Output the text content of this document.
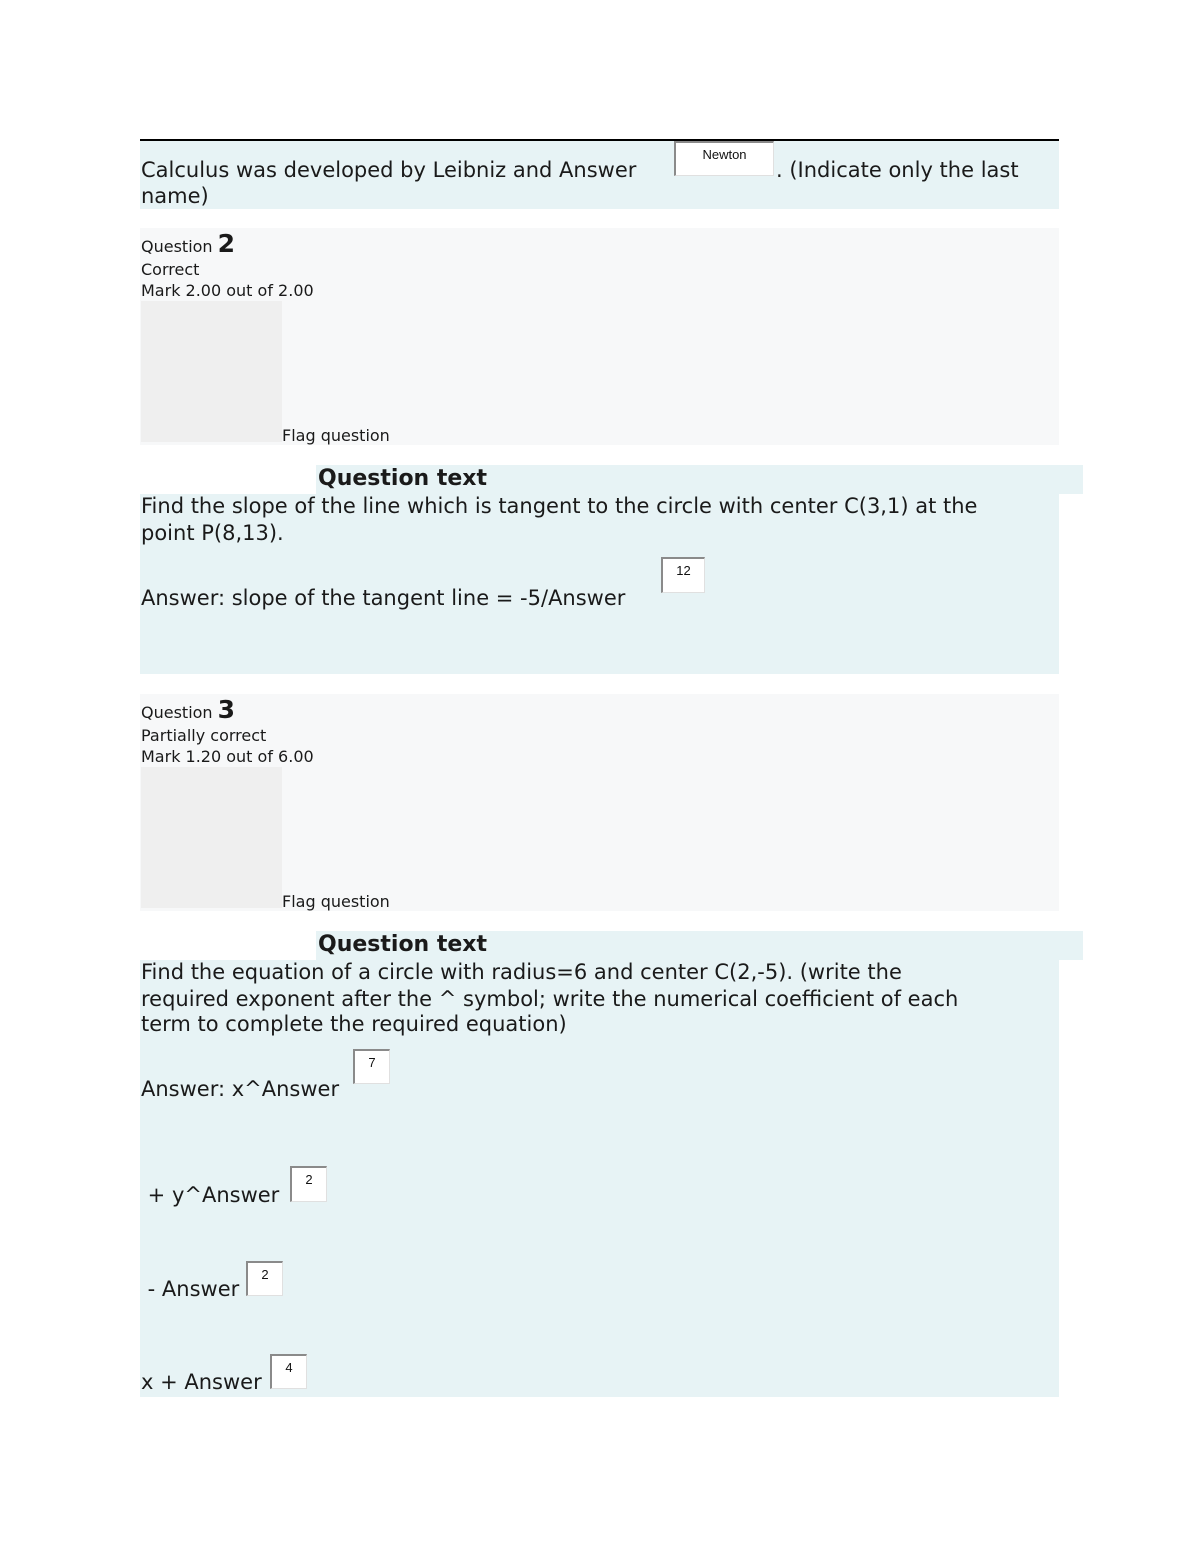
Calculus was developed by Leibniz and Answer
Newton
. (Indicate only the last
name)
Question 2
Correct
Mark 2.00 out of 2.00
Flag question
Question text
Find the slope of the line which is tangent to the circle with center C(3,1) at the
point P(8,13).
Answer: slope of the tangent line = -5/Answer
12
Question 3
Partially correct
Mark 1.20 out of 6.00
Flag question
Question text
Find the equation of a circle with radius=6 and center C(2,-5). (write the
required exponent after the ^ symbol; write the numerical coefficient of each
term to complete the required equation)
Answer: x^Answer
7
+ y^Answer
2
- Answer
2
x + Answer
4
